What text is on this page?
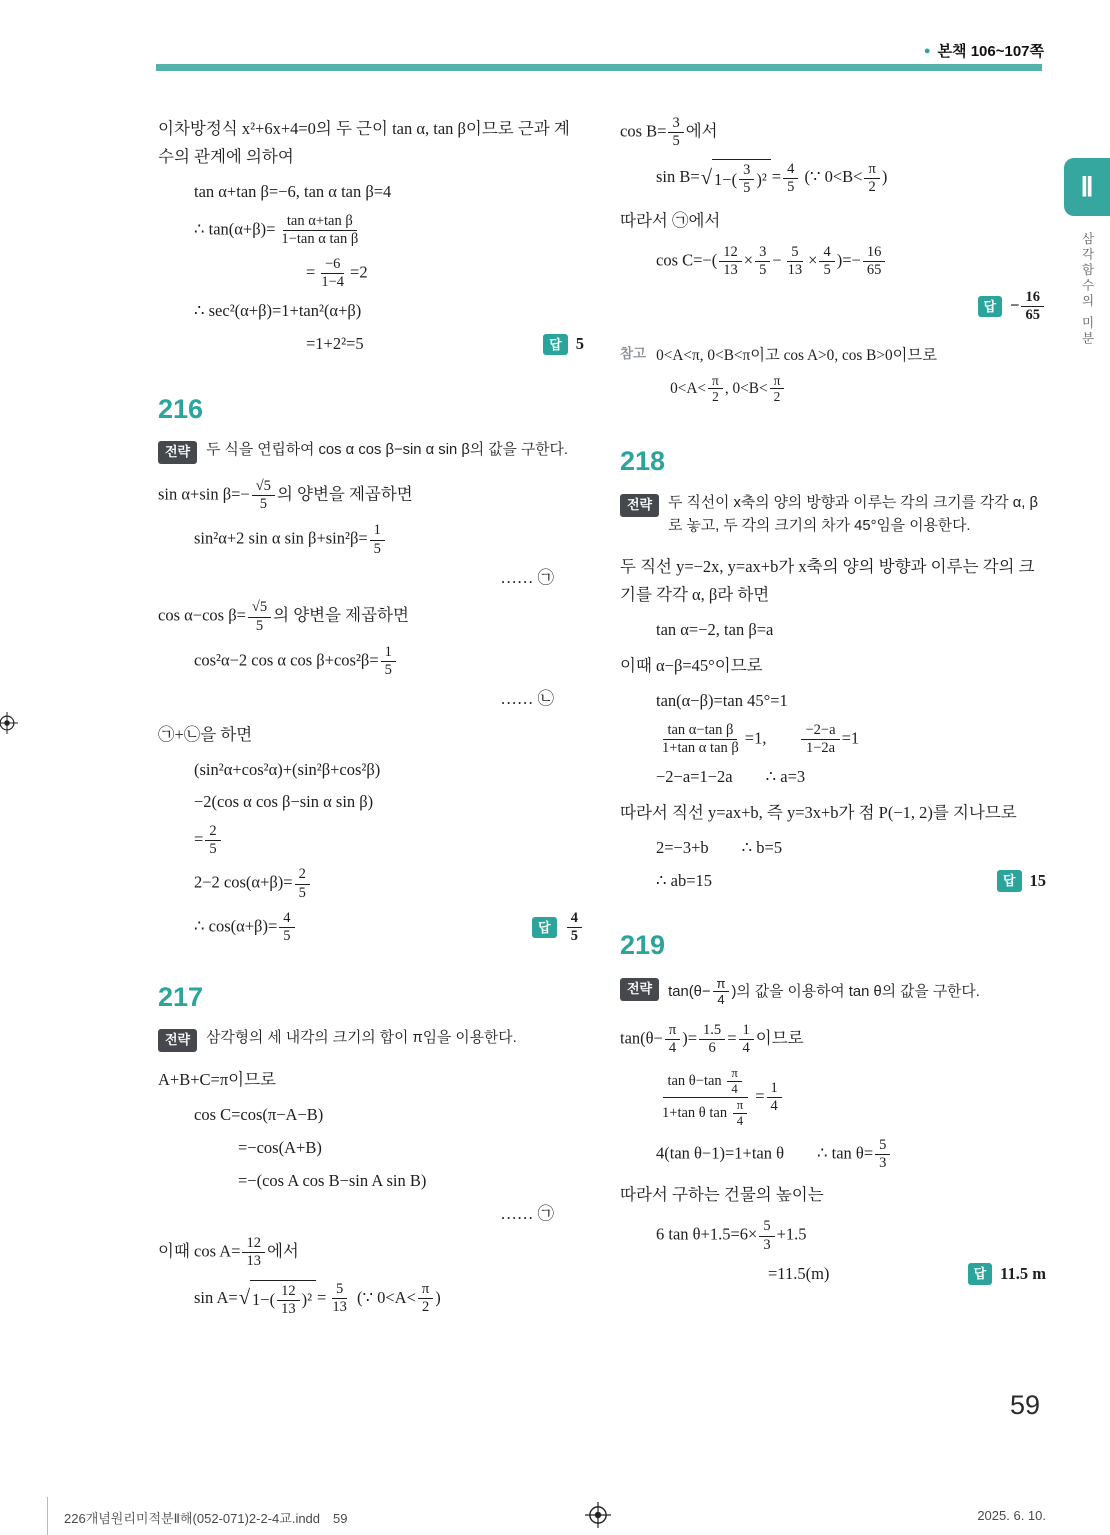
● 본책 106~107쪽
Ⅱ
삼각함수의 미분
이차방정식 x²+6x+4=0의 두 근이 tan α, tan β이므로 근과 계수의 관계에 의하여
tan α+tan β=−6, tan α tan β=4
∴ $\tan(\alpha+\beta)= \frac{\text{tan α+tan β}}{\text{1−tan α tan β}}$
= $\frac{-6}{1-4} =2$
∴ sec²(α+β)=1+tan²(α+β)
=1+2²=5	답 5
216
전략	두 식을 연립하여 cos α cos β−sin α sin β의 값을 구한다.
sin α+sin $\beta=- \frac{√5}{5}$ 의 양변을 제곱하면
sin²α+2 sin α $\sin \beta+\sin^2\beta= \frac{1}{5}$
…… ㉠
cos α−cos $\beta= \frac{√5}{5}$ 의 양변을 제곱하면
cos²α−2 cos α $\cos \beta+\cos^2\beta= \frac{1}{5}$
…… ㉡
㉠+㉡을 하면
(sin²α+cos²α)+(sin²β+cos²β)
−2(cos α cos β−sin α sin β)
= $\frac{2}{5}$
2−2 $\cos(\alpha+\beta)= \frac{2}{5}$
∴ $\cos(\alpha+\beta)= \frac{4}{5}$	답	$\frac{4}{5}$
217
전략	삼각형의 세 내각의 크기의 합이 π임을 이용한다.
A+B+C=π이므로
cos C=cos(π−A−B)
=−cos(A+B)
=−(cos A cos B−sin A sin B)
…… ㉠
이때 $\cos A= \frac{12}{13}$ 에서
sin A= √ $1-( \frac{12}{13} )^2 = \frac{5}{13}$ (∵ $0<A< \frac{\pi}{2}$ )
$\cos B= \frac{3}{5}$ 에서
sin B= √ $1-( \frac{3}{5} )^2 = \frac{4}{5}$ (∵ $0<B< \frac{\pi}{2}$ )
따라서 ㉠에서
$\cos C=-( \frac{12}{13} \times \frac{3}{5} - \frac{5}{13} \times \frac{4}{5}$ )=− $\frac{16}{65}$
답 − $\frac{16}{65}$
참고 0<A<π, 0<B<π이고 cos A>0, cos B>0이므로
$0<A< \frac{\pi}{2}$ , $0<B< \frac{\pi}{2}$
218
전략	두 직선이 x축의 양의 방향과 이루는 각의 크기를 각각 α, β로 놓고, 두 각의 크기의 차가 45°임을 이용한다.
두 직선 y=−2x, y=ax+b가 x축의 양의 방향과 이루는 각의 크기를 각각 α, β라 하면
tan α=−2, tan β=a
이때 α−β=45°이므로
tan(α−β)=tan 45°=1
$\frac{\text{tan α−tan β}}{\text{1+tan α tan β}} =1$,   $\frac{-2-a}{1-2a} =1$
−2−a=1−2a  ∴ a=3
따라서 직선 y=ax+b, 즉 y=3x+b가 점 P(−1, 2)를 지나므로
2=−3+b  ∴ b=5
∴ ab=15	답 15
219
전략	$\tan(\theta- \frac{\pi}{4}$ )의 값을 이용하여 tan θ의 값을 구한다.
$\tan(\theta- \frac{\pi}{4}$ )= $\frac{1.5}{6} = \frac{1}{4}$ 이므로
$\frac{\tan \theta-\tan \frac{\pi}{4}}{1+\tan \theta \tan \frac{\pi}{4}} = \frac{1}{4}$
4(tan θ−1)=1+tan θ  ∴ $\tan \theta= \frac{5}{3}$
따라서 구하는 건물의 높이는
6 $\tan \theta+1.5=6\times \frac{5}{3} +1.5$
=11.5(m)	답 11.5 m
59
226개념원리미적분Ⅱ해(052-071)2-2-4교.indd  59	2025. 6. 10.
